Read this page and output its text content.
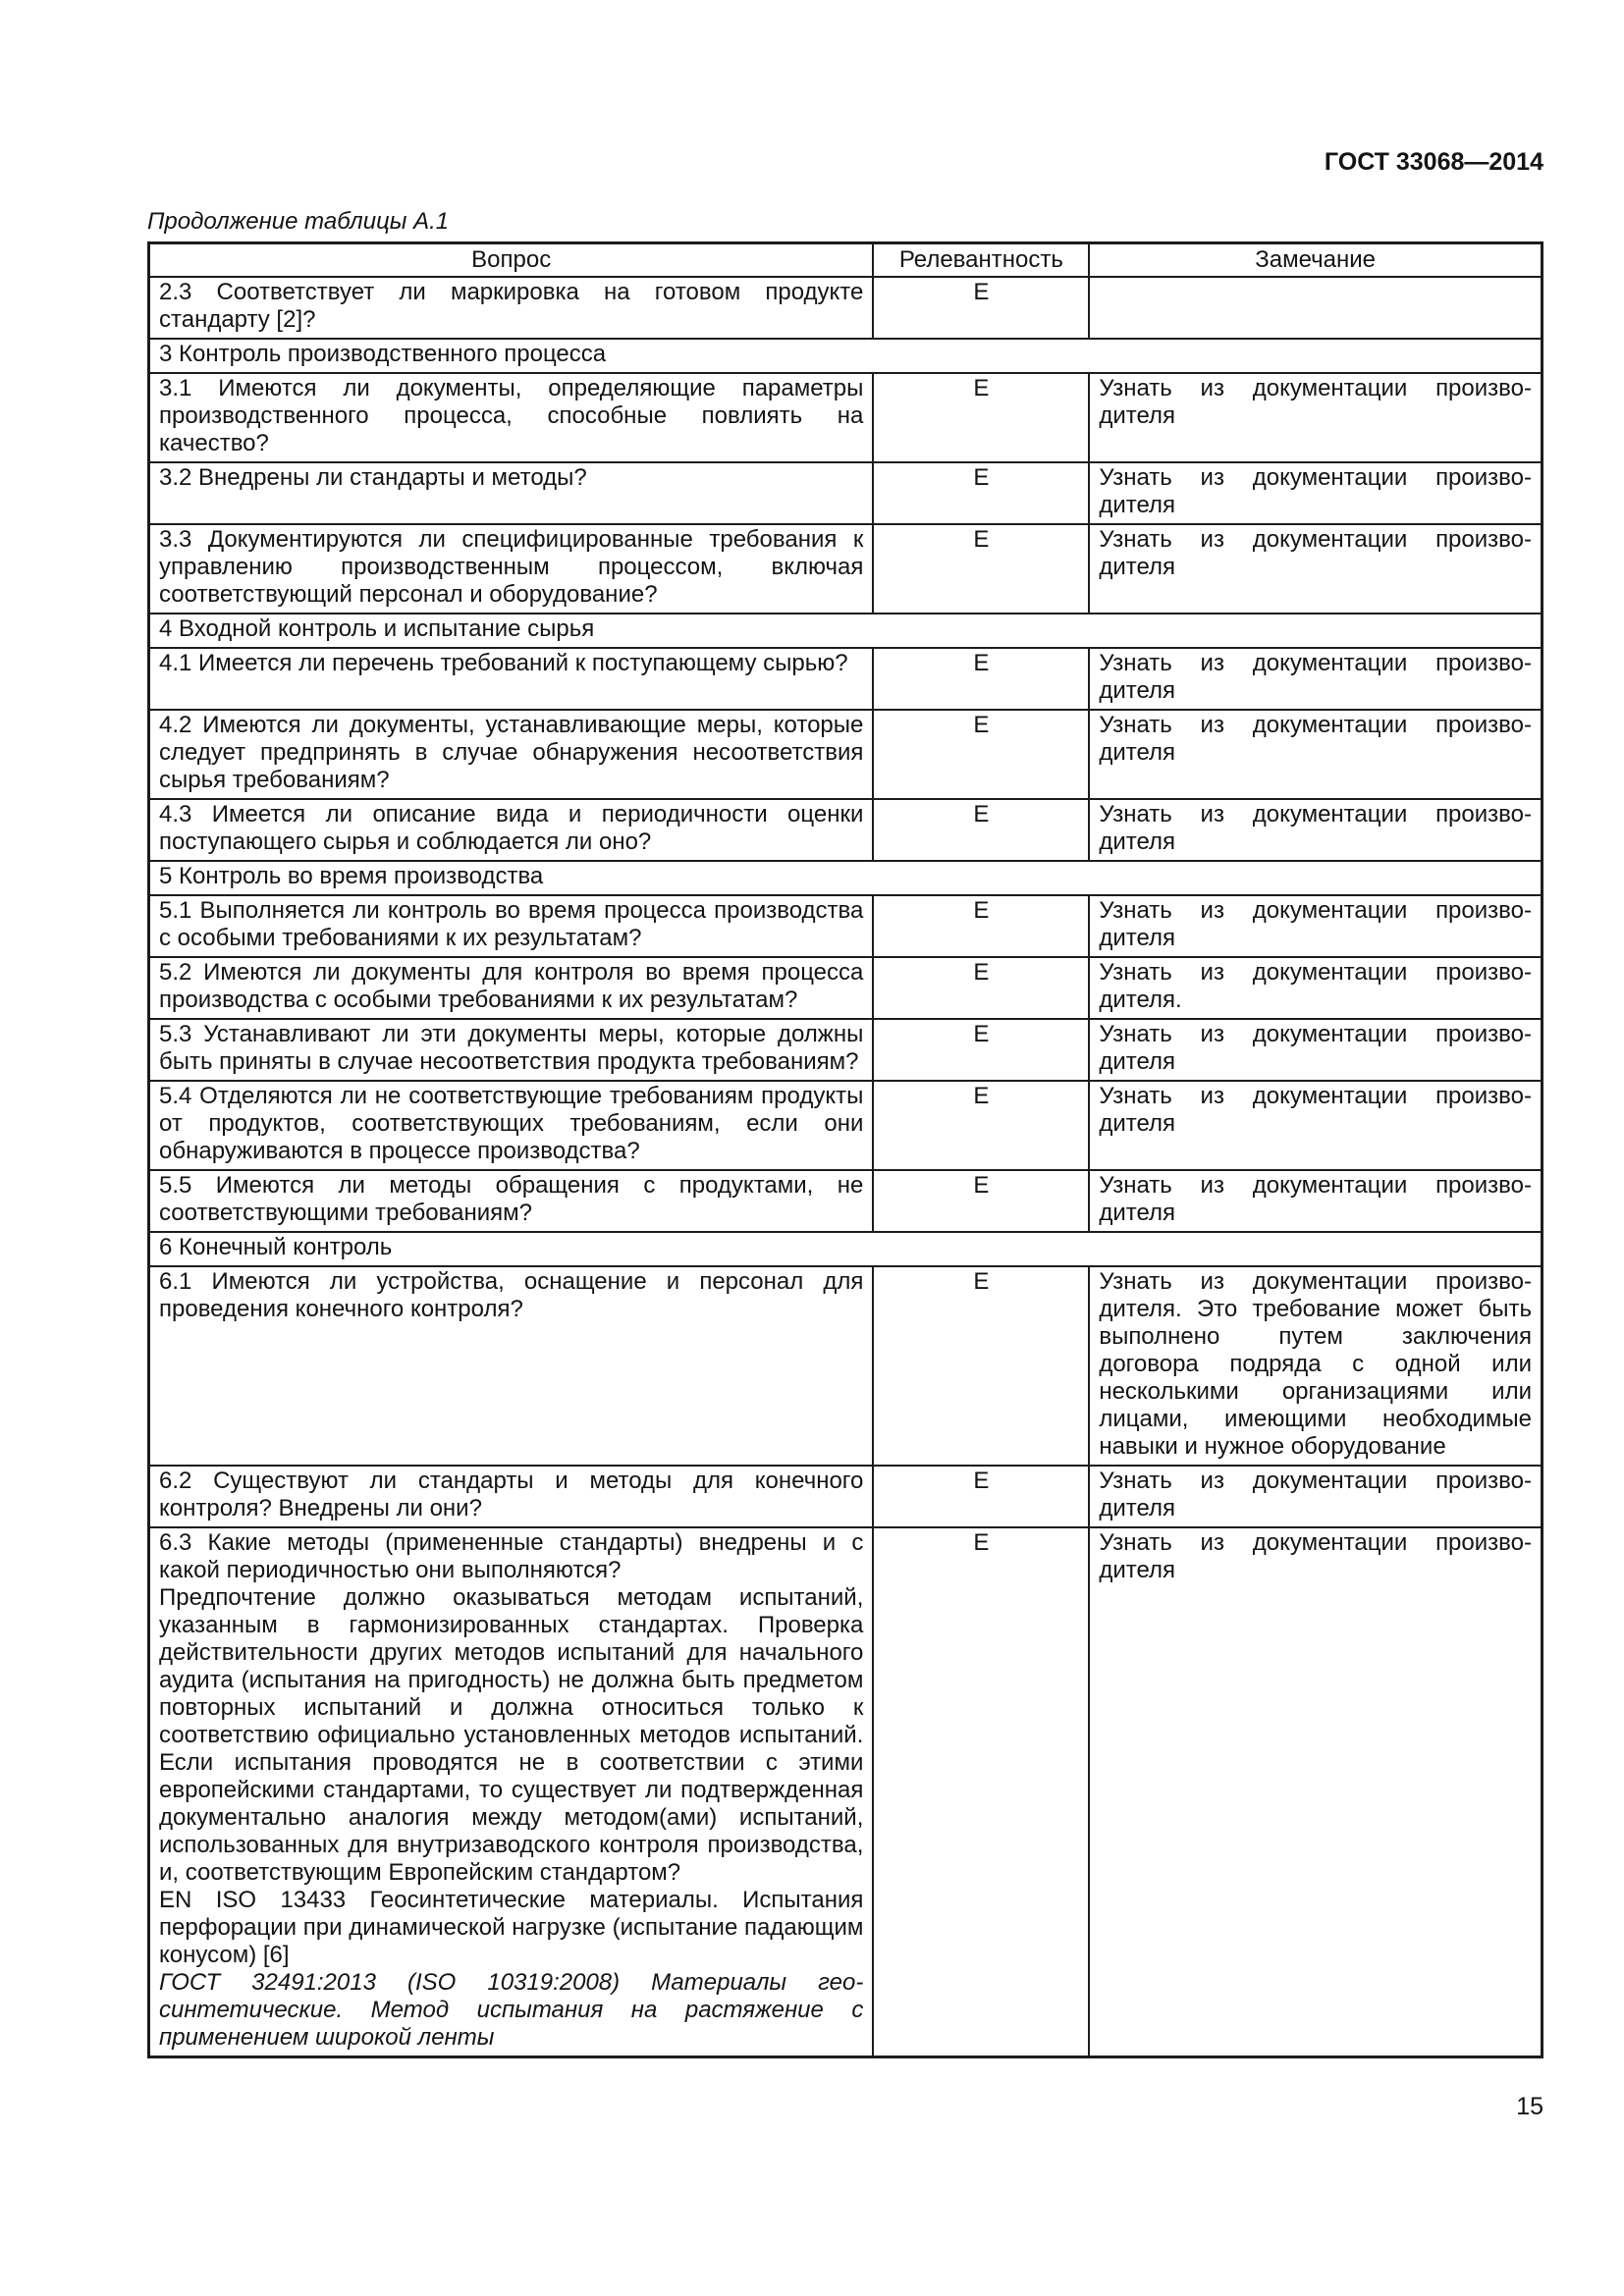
ГОСТ 33068—2014
Продолжение таблицы А.1
Вопрос	Релевантность	Замечание

2.3 Соответствует ли маркировка на готовом продукте стандарту [2]?	Е	
3 Контроль производственного процесса		

3.1 Имеются ли документы, определяющие параметры производственного процесса, способные повлиять на качество?	Е	Узнать из документации производителя

3.2 Внедрены ли стандарты и методы?	Е	Узнать из документации производителя

3.3 Документируются ли специфицированные требования к управлению производственным процессом, включая соответствующий персонал и оборудование?	Е	Узнать из документации производителя
4 Входной контроль и испытание сырья		

4.1 Имеется ли перечень требований к поступающему сырью?	Е	Узнать из документации производителя

4.2 Имеются ли документы, устанавливающие меры, которые следует предпринять в случае обнаружения несоответствия сырья требованиям?	Е	Узнать из документации производителя

4.3 Имеется ли описание вида и периодичности оценки поступающего сырья и соблюдается ли оно?	Е	Узнать из документации производителя
5 Контроль во время производства		

5.1 Выполняется ли контроль во время процесса производства с особыми требованиями к их результатам?	Е	Узнать из документации производителя

5.2 Имеются ли документы для контроля во время процесса производства с особыми требованиями к их результатам?	Е	Узнать из документации производителя.

5.3 Устанавливают ли эти документы меры, которые должны быть приняты в случае несоответствия продукта требованиям?	Е	Узнать из документации производителя

5.4 Отделяются ли не соответствующие требованиям продукты от продуктов, соответствующих требованиям, если они обнаруживаются в процессе производства?	Е	Узнать из документации производителя

5.5 Имеются ли методы обращения с продуктами, не соответствующими требованиям?	Е	Узнать из документации производителя
6 Конечный контроль		

6.1 Имеются ли устройства, оснащение и персонал для проведения конечного контроля?	Е	Узнать из документации производителя. Это требование может быть выполнено путем заключения договора подряда с одной или несколькими организациями или лицами, имеющими необходимые навыки и нужное оборудование

6.2 Существуют ли стандарты и методы для конечного контроля? Внедрены ли они?	Е	Узнать из документации производителя

6.3 Какие методы (примененные стандарты) внедрены и с какой периодичностью они выполняются?
Предпочтение должно оказываться методам испытаний, указанным в гармонизированных стандартах. Проверка действительности других методов испытаний для начального аудита (испытания на пригодность) не должна быть предметом повторных испытаний и должна относиться только к соответствию официально установленных методов испытаний. Если испытания проводятся не в соответствии с этими европейскими стандартами, то существует ли подтвержденная документально аналогия между методом(ами) испытаний, использованных для внутризаводского контроля производства, и, соответствующим Европейским стандартом?
EN ISO 13433 Геосинтетические материалы. Испытания перфорации при динамической нагрузке (испытание падающим конусом) [6]
ГОСТ 32491:2013 (ISO 10319:2008) Материалы геосинтетические. Метод испытания на растяжение с применением широкой ленты	Е	Узнать из документации производителя
15
